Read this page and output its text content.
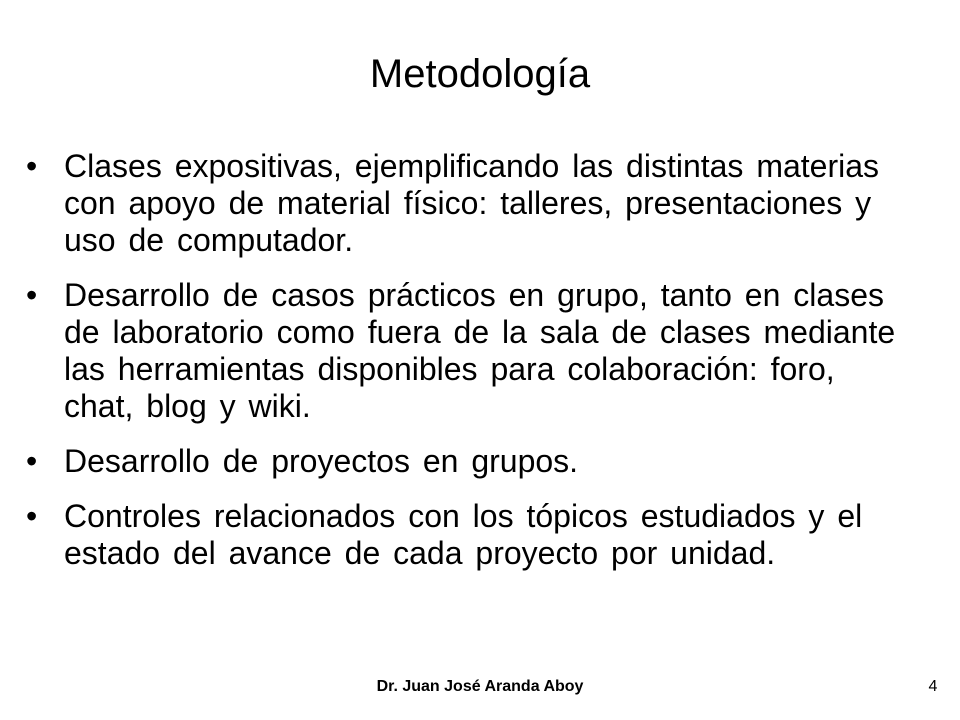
Metodología
• Clases expositivas, ejemplificando las distintas materias con apoyo de material físico: talleres, presentaciones y uso de computador.
• Desarrollo de casos prácticos en grupo, tanto en clases de laboratorio como fuera de la sala de clases mediante las herramientas disponibles para colaboración: foro, chat, blog y wiki.
• Desarrollo de proyectos en grupos.
• Controles relacionados con los tópicos estudiados y el estado del avance de cada proyecto por unidad.
Dr. Juan José Aranda Aboy	4
